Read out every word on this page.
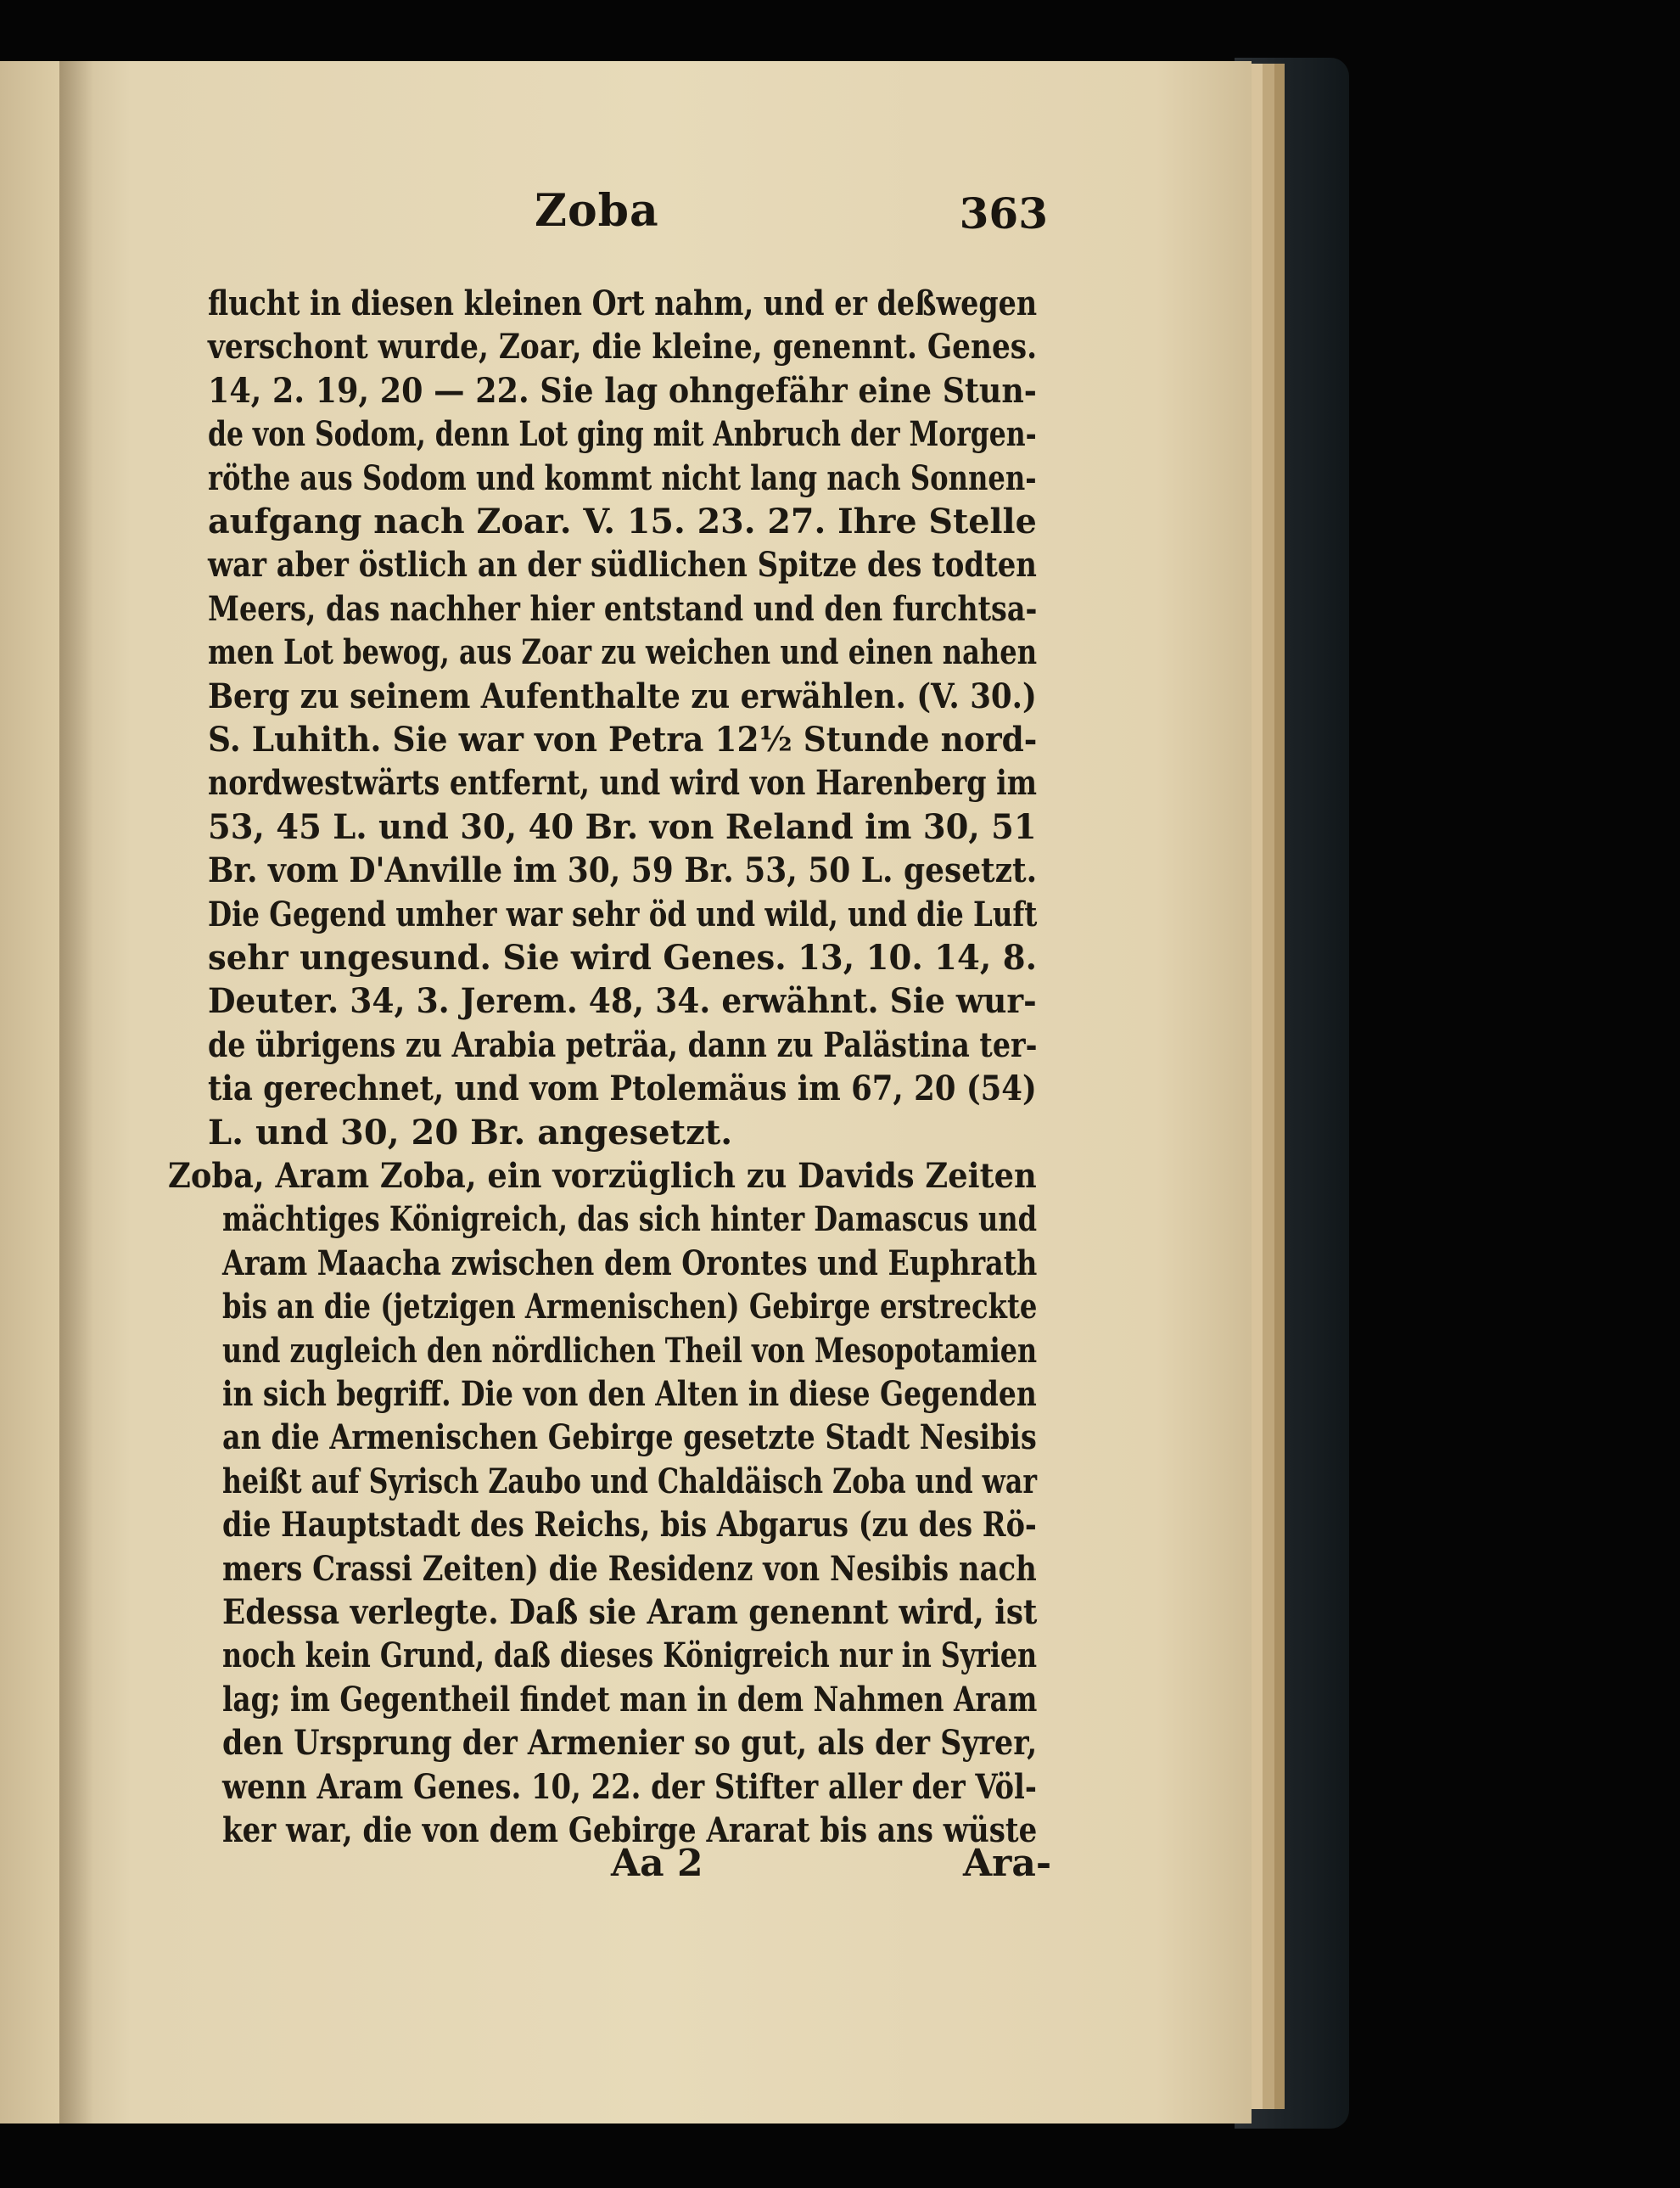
Zoba	363
flucht in diesen kleinen Ort nahm, und er deßwegen
verschont wurde, Zoar, die kleine, genennt. Genes.
14, 2. 19, 20 — 22. Sie lag ohngefähr eine Stun-
de von Sodom, denn Lot ging mit Anbruch der Morgen-
röthe aus Sodom und kommt nicht lang nach Sonnen-
aufgang nach Zoar. V. 15. 23. 27. Ihre Stelle
war aber östlich an der südlichen Spitze des todten
Meers, das nachher hier entstand und den furchtsa-
men Lot bewog, aus Zoar zu weichen und einen nahen
Berg zu seinem Aufenthalte zu erwählen. (V. 30.)
S. Luhith. Sie war von Petra 12½ Stunde nord-
nordwestwärts entfernt, und wird von Harenberg im
53, 45 L. und 30, 40 Br. von Reland im 30, 51
Br. vom D'Anville im 30, 59 Br. 53, 50 L. gesetzt.
Die Gegend umher war sehr öd und wild, und die Luft
sehr ungesund. Sie wird Genes. 13, 10. 14, 8.
Deuter. 34, 3. Jerem. 48, 34. erwähnt. Sie wur-
de übrigens zu Arabia peträa, dann zu Palästina ter-
tia gerechnet, und vom Ptolemäus im 67, 20 (54)
L. und 30, 20 Br. angesetzt.
Zoba, Aram Zoba, ein vorzüglich zu Davids Zeiten
mächtiges Königreich, das sich hinter Damascus und
Aram Maacha zwischen dem Orontes und Euphrath
bis an die (jetzigen Armenischen) Gebirge erstreckte
und zugleich den nördlichen Theil von Mesopotamien
in sich begriff. Die von den Alten in diese Gegenden
an die Armenischen Gebirge gesetzte Stadt Nesibis
heißt auf Syrisch Zaubo und Chaldäisch Zoba und war
die Hauptstadt des Reichs, bis Abgarus (zu des Rö-
mers Crassi Zeiten) die Residenz von Nesibis nach
Edessa verlegte. Daß sie Aram genennt wird, ist
noch kein Grund, daß dieses Königreich nur in Syrien
lag; im Gegentheil findet man in dem Nahmen Aram
den Ursprung der Armenier so gut, als der Syrer,
wenn Aram Genes. 10, 22. der Stifter aller der Völ-
ker war, die von dem Gebirge Ararat bis ans wüste
Aa 2	Ara-
